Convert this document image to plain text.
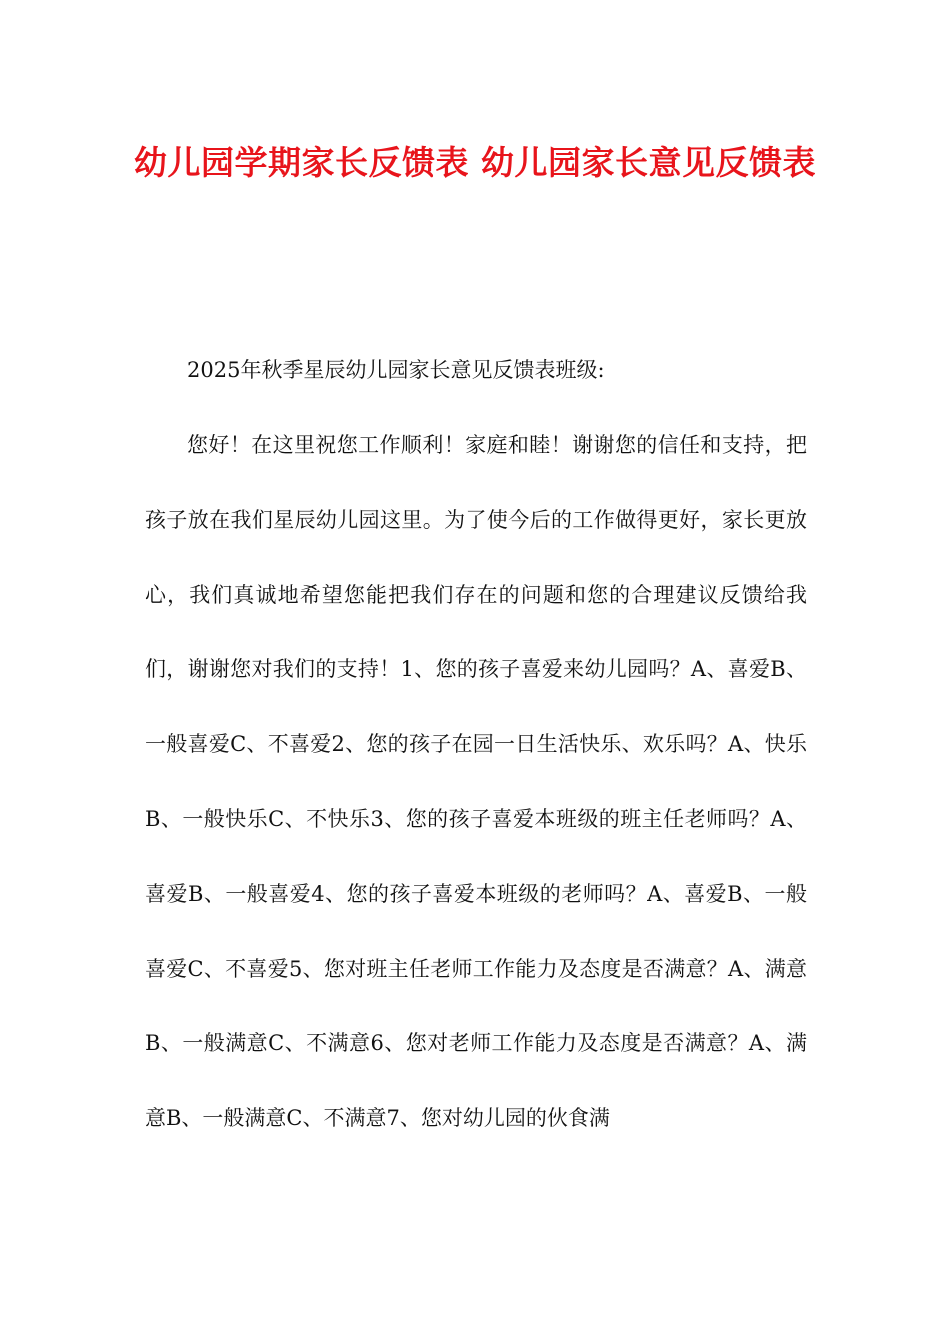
幼儿园学期家长反馈表 幼儿园家长意见反馈表

2025年秋季星辰幼儿园家长意见反馈表班级:

您好！在这里祝您工作顺利！家庭和睦！谢谢您的信任和支持，把孩子放在我们星辰幼儿园这里。为了使今后的工作做得更好，家长更放心，我们真诚地希望您能把我们存在的问题和您的合理建议反馈给我们，谢谢您对我们的支持！1、您的孩子喜爱来幼儿园吗？A、喜爱B、一般喜爱C、不喜爱2、您的孩子在园一日生活快乐、欢乐吗？A、快乐B、一般快乐C、不快乐3、您的孩子喜爱本班级的班主任老师吗？A、喜爱B、一般喜爱4、您的孩子喜爱本班级的老师吗？A、喜爱B、一般喜爱C、不喜爱5、您对班主任老师工作能力及态度是否满意？A、满意B、一般满意C、不满意6、您对老师工作能力及态度是否满意？A、满意B、一般满意C、不满意7、您对幼儿园的伙食满
